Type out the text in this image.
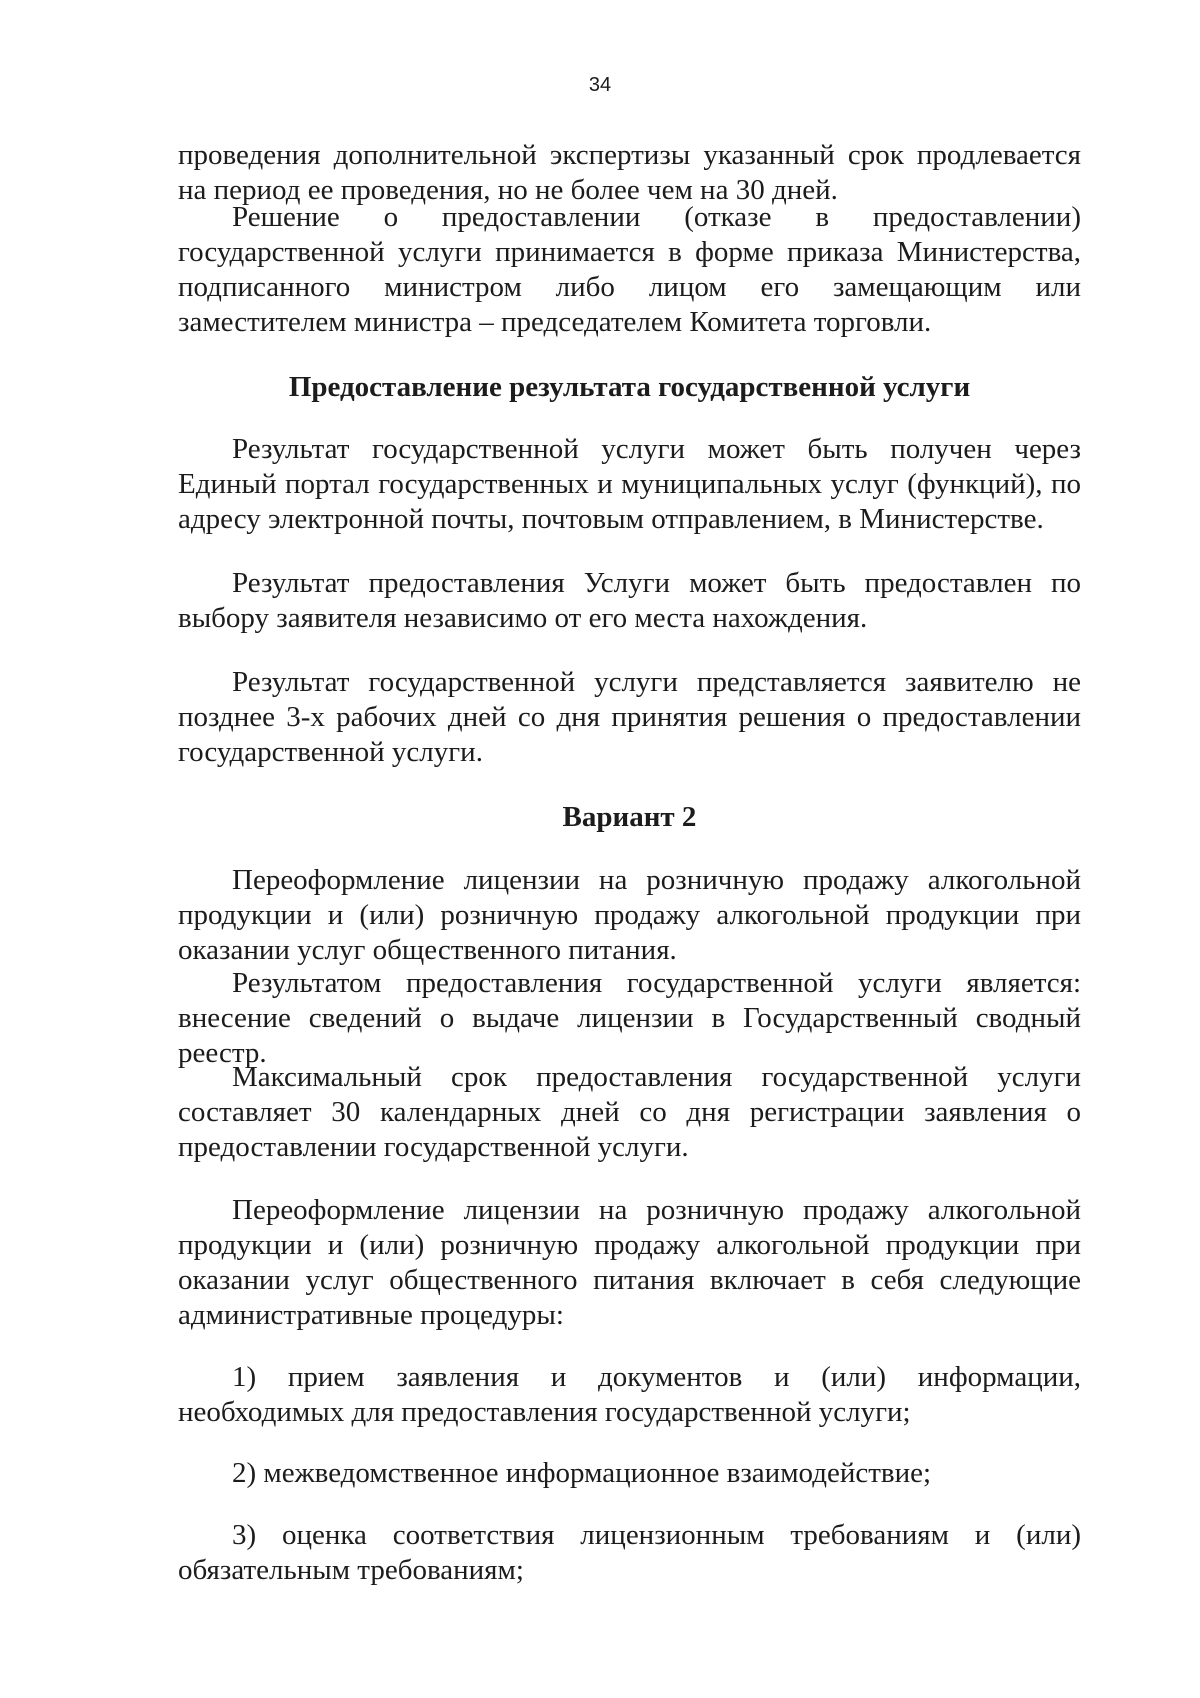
34

проведения дополнительной экспертизы указанный срок продлевается на период ее проведения, но не более чем на 30 дней.

Решение о предоставлении (отказе в предоставлении) государственной услуги принимается в форме приказа Министерства, подписанного министром либо лицом его замещающим или заместителем министра – председателем Комитета торговли.

Предоставление результата государственной услуги

Результат государственной услуги может быть получен через Единый портал государственных и муниципальных услуг (функций), по адресу электронной почты, почтовым отправлением, в Министерстве.

Результат предоставления Услуги может быть предоставлен по выбору заявителя независимо от его места нахождения.

Результат государственной услуги представляется заявителю не позднее 3-х рабочих дней со дня принятия решения о предоставлении государственной услуги.

Вариант 2

Переоформление лицензии на розничную продажу алкогольной продукции и (или) розничную продажу алкогольной продукции при оказании услуг общественного питания.

Результатом предоставления государственной услуги является: внесение сведений о выдаче лицензии в Государственный сводный реестр.

Максимальный срок предоставления государственной услуги составляет 30 календарных дней со дня регистрации заявления о предоставлении государственной услуги.

Переоформление лицензии на розничную продажу алкогольной продукции и (или) розничную продажу алкогольной продукции при оказании услуг общественного питания включает в себя следующие административные процедуры:

1) прием заявления и документов и (или) информации, необходимых для предоставления государственной услуги;

2) межведомственное информационное взаимодействие;

3) оценка соответствия лицензионным требованиям и (или) обязательным требованиям;
